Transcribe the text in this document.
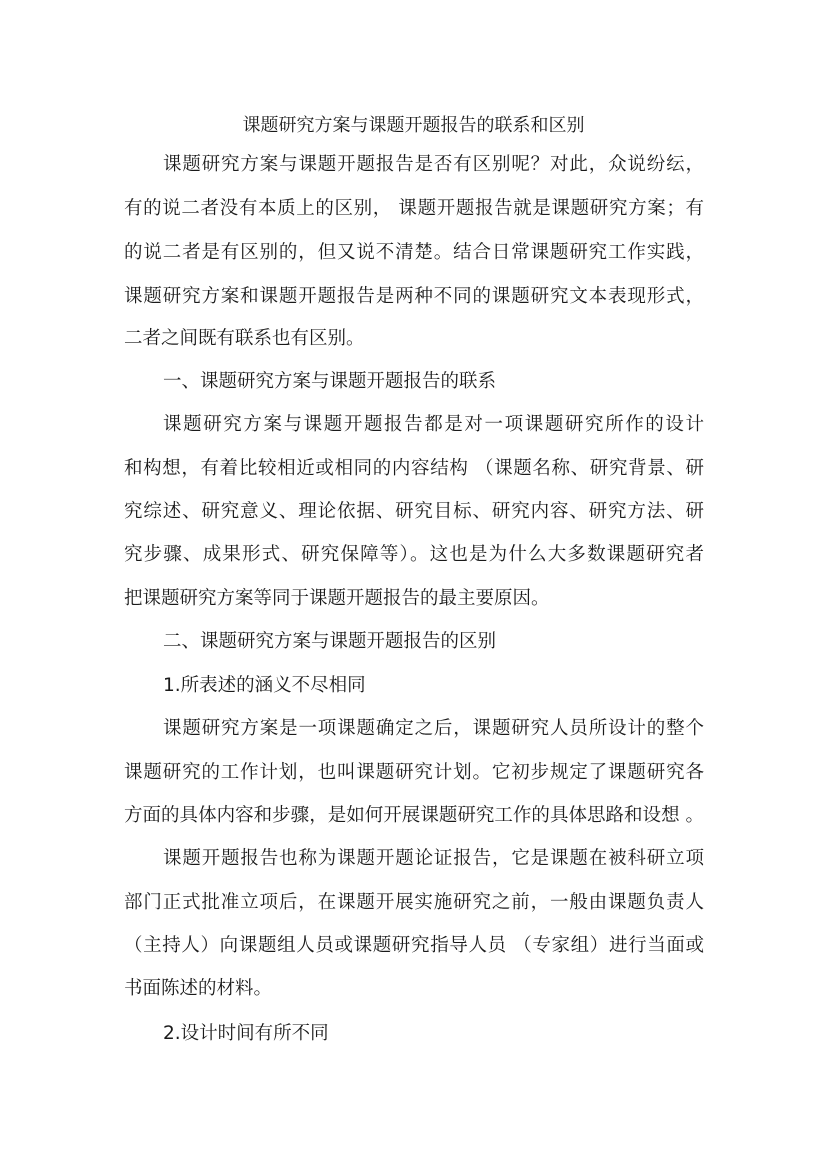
课题研究方案与课题开题报告的联系和区别

课题研究方案与课题开题报告是否有区别呢？对此，众说纷纭，

有的说二者没有本质上的区别， 课题开题报告就是课题研究方案；有

的说二者是有区别的，但又说不清楚。结合日常课题研究工作实践，

课题研究方案和课题开题报告是两种不同的课题研究文本表现形式，

二者之间既有联系也有区别。

一、课题研究方案与课题开题报告的联系

课题研究方案与课题开题报告都是对一项课题研究所作的设计

和构想，有着比较相近或相同的内容结构 （课题名称、研究背景、研

究综述、研究意义、理论依据、研究目标、研究内容、研究方法、研

究步骤、成果形式、研究保障等）。这也是为什么大多数课题研究者

把课题研究方案等同于课题开题报告的最主要原因。

二、课题研究方案与课题开题报告的区别

1.所表述的涵义不尽相同

课题研究方案是一项课题确定之后，课题研究人员所设计的整个

课题研究的工作计划，也叫课题研究计划。它初步规定了课题研究各

方面的具体内容和步骤，是如何开展课题研究工作的具体思路和设想 。

课题开题报告也称为课题开题论证报告，它是课题在被科研立项

部门正式批准立项后，在课题开展实施研究之前，一般由课题负责人

（主持人）向课题组人员或课题研究指导人员 （专家组）进行当面或

书面陈述的材料。

2.设计时间有所不同
